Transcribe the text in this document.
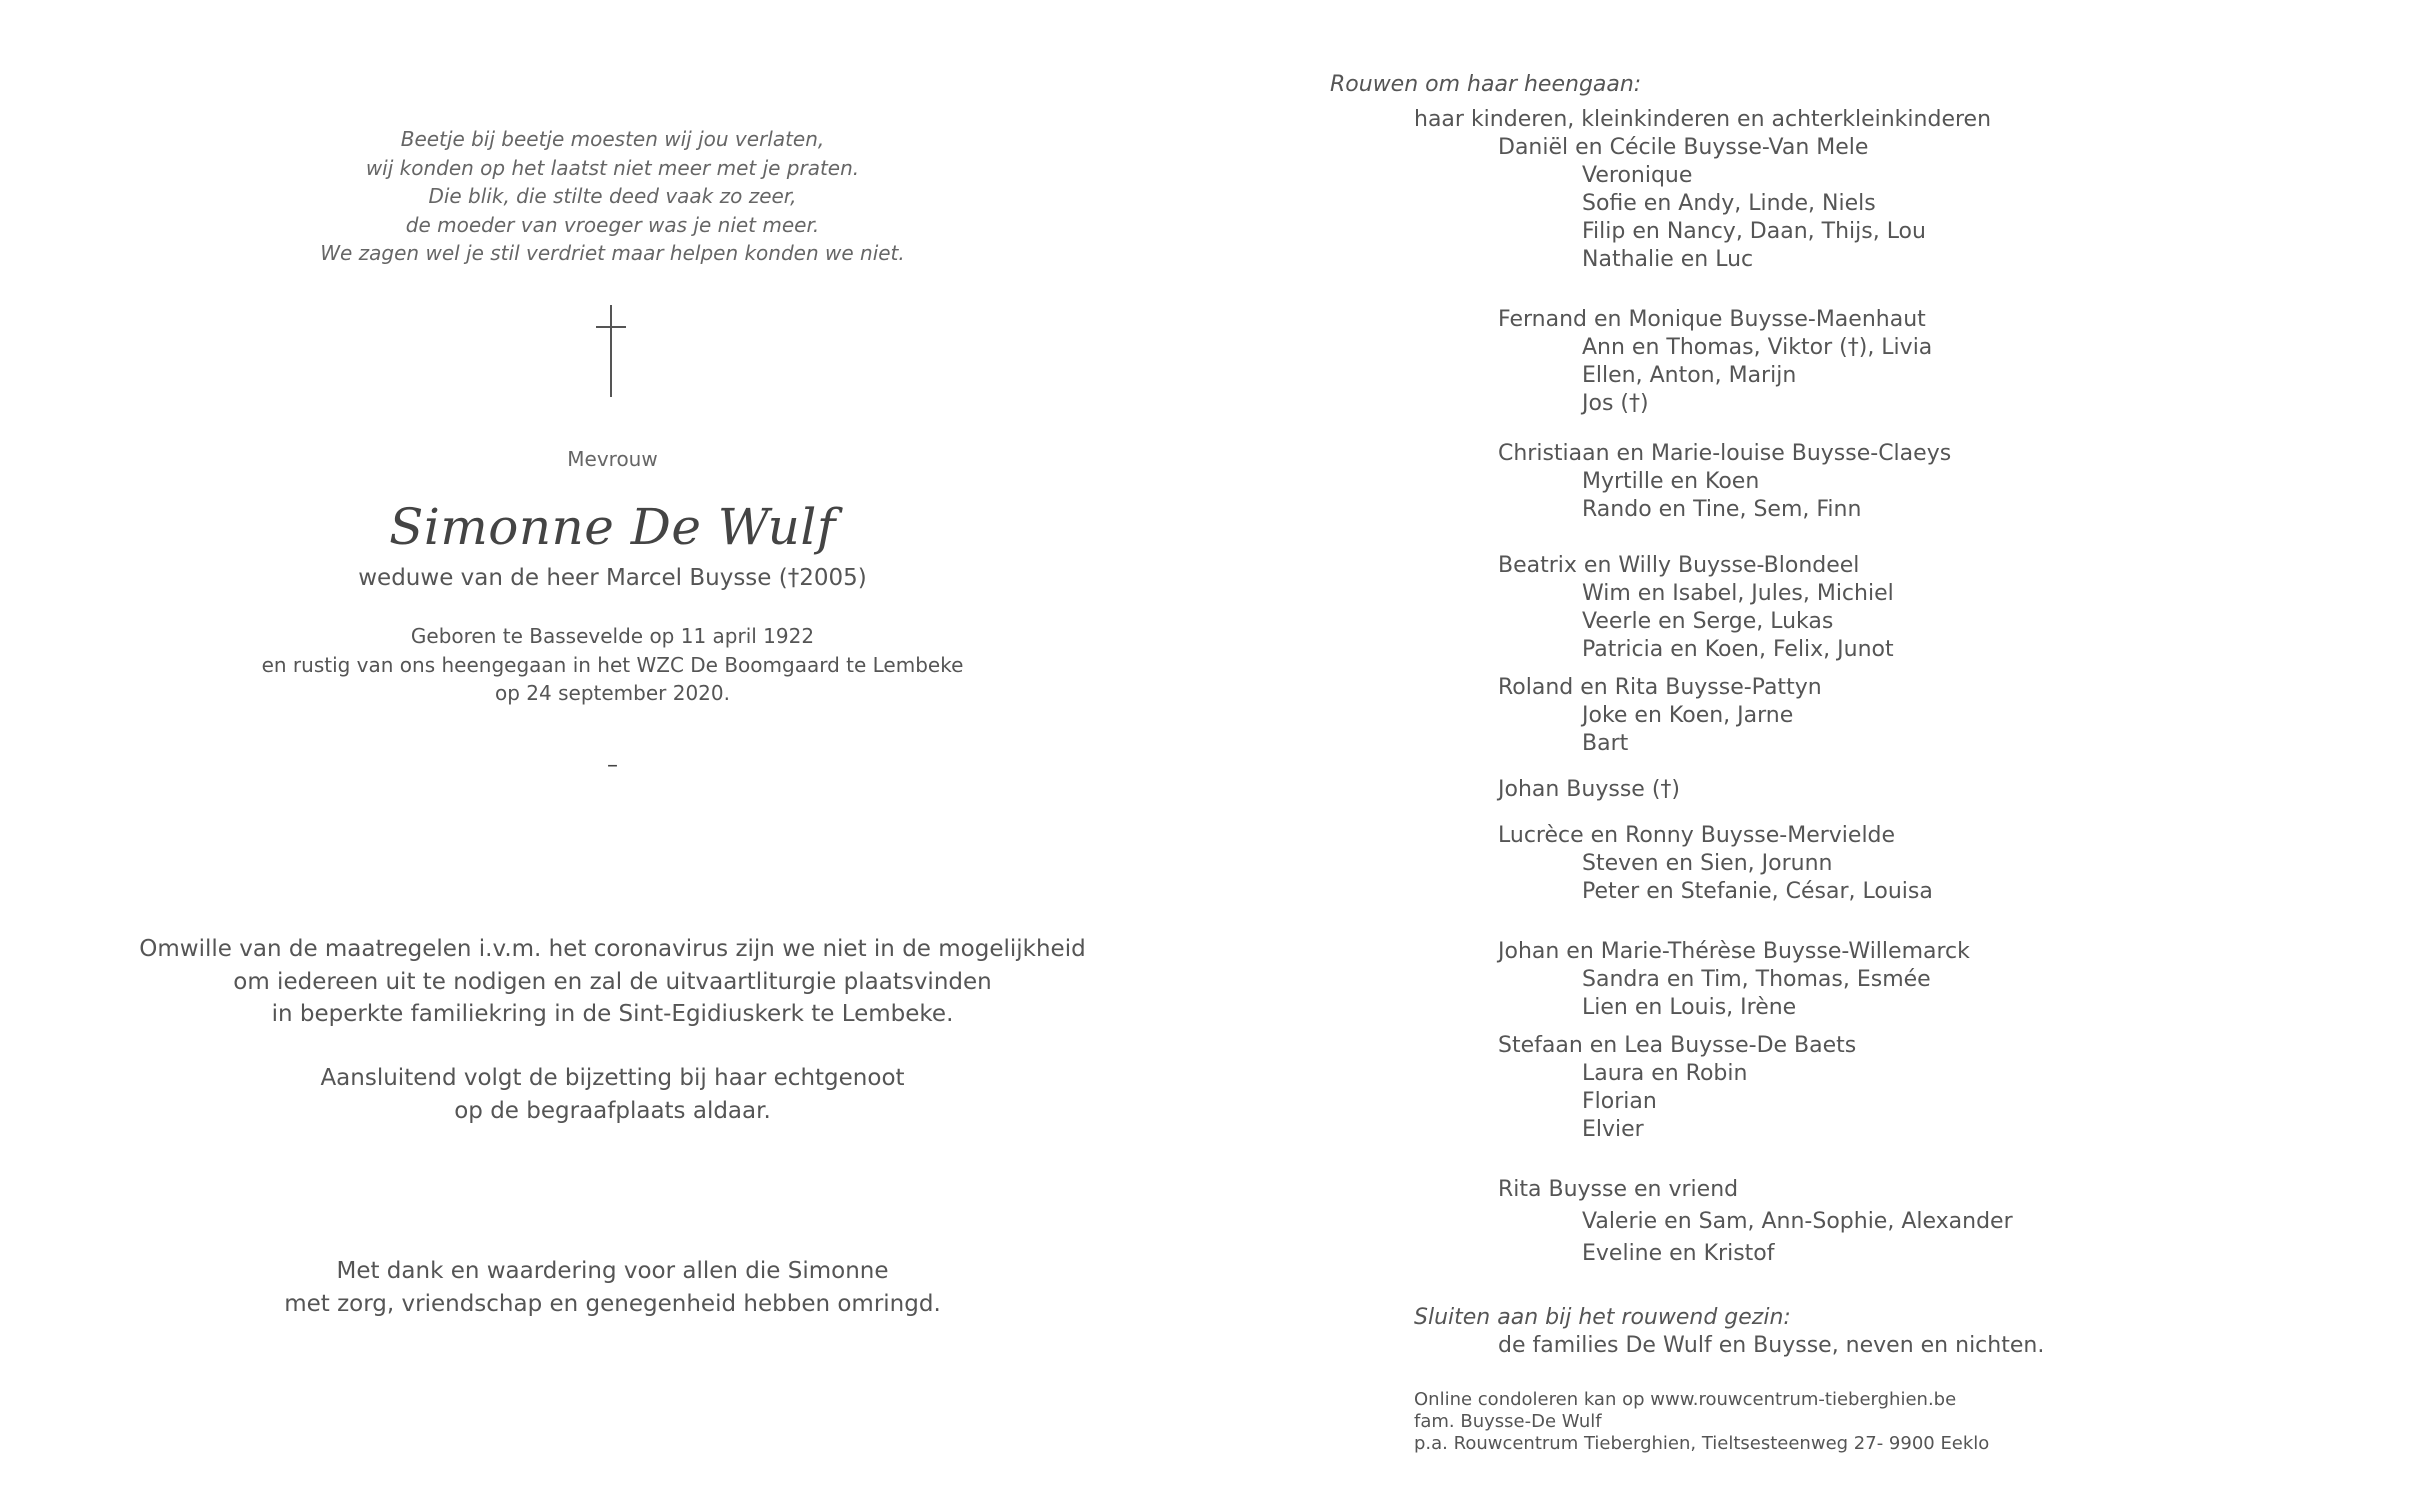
Beetje bij beetje moesten wij jou verlaten,
wij konden op het laatst niet meer met je praten.
Die blik, die stilte deed vaak zo zeer,
de moeder van vroeger was je niet meer.
We zagen wel je stil verdriet maar helpen konden we niet.
Mevrouw
Simonne De Wulf
weduwe van de heer Marcel Buysse (†2005)
Geboren te Bassevelde op 11 april 1922
en rustig van ons heengegaan in het WZC De Boomgaard te Lembeke
op 24 september 2020.
–
Omwille van de maatregelen i.v.m. het coronavirus zijn we niet in de mogelijkheid
om iedereen uit te nodigen en zal de uitvaartliturgie plaatsvinden
in beperkte familiekring in de Sint-Egidiuskerk te Lembeke.
Aansluitend volgt de bijzetting bij haar echtgenoot
op de begraafplaats aldaar.
Met dank en waardering voor allen die Simonne
met zorg, vriendschap en genegenheid hebben omringd.
Rouwen om haar heengaan:
haar kinderen, kleinkinderen en achterkleinkinderen
Daniël en Cécile Buysse-Van Mele
Veronique
Sofie en Andy, Linde, Niels
Filip en Nancy, Daan, Thijs, Lou
Nathalie en Luc
Fernand en Monique Buysse-Maenhaut
Ann en Thomas, Viktor (†), Livia
Ellen, Anton, Marijn
Jos (†)
Christiaan en Marie-louise Buysse-Claeys
Myrtille en Koen
Rando en Tine, Sem, Finn
Beatrix en Willy Buysse-Blondeel
Wim en Isabel, Jules, Michiel
Veerle en Serge, Lukas
Patricia en Koen, Felix, Junot
Roland en Rita Buysse-Pattyn
Joke en Koen, Jarne
Bart
Johan Buysse (†)
Lucrèce en Ronny Buysse-Mervielde
Steven en Sien, Jorunn
Peter en Stefanie, César, Louisa
Johan en Marie-Thérèse Buysse-Willemarck
Sandra en Tim, Thomas, Esmée
Lien en Louis, Irène
Stefaan en Lea Buysse-De Baets
Laura en Robin
Florian
Elvier
Rita Buysse en vriend
Valerie en Sam, Ann-Sophie, Alexander
Eveline en Kristof
Sluiten aan bij het rouwend gezin:
de families De Wulf en Buysse, neven en nichten.
Online condoleren kan op www.rouwcentrum-tieberghien.be
fam. Buysse-De Wulf
p.a. Rouwcentrum Tieberghien, Tieltsesteenweg 27- 9900 Eeklo
